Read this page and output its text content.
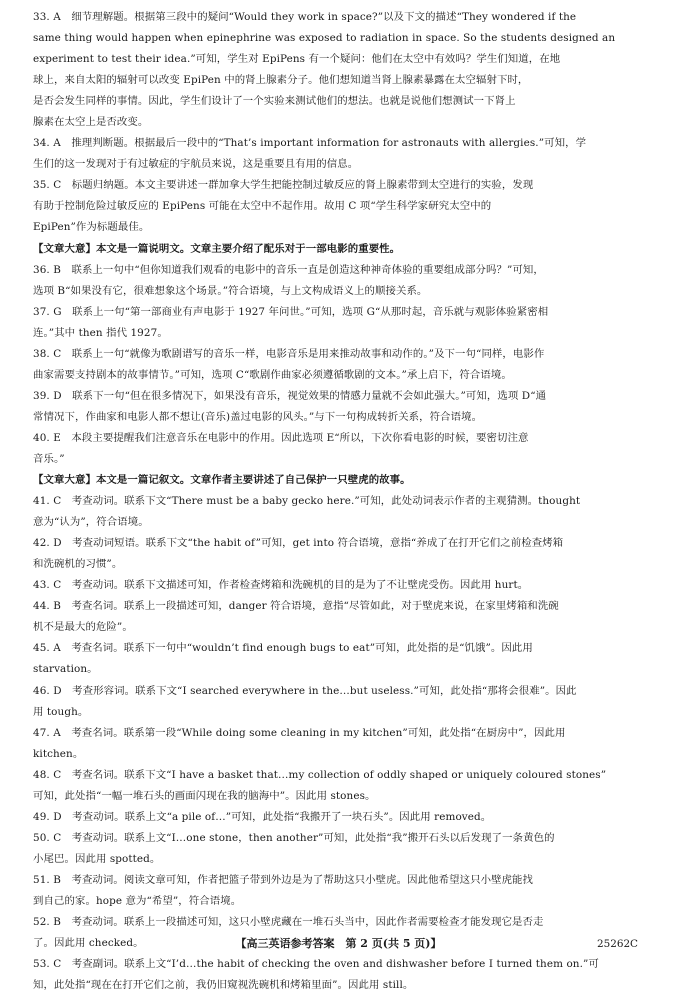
33. A　细节理解题。根据第三段中的疑问“Would they work in space?”以及下文的描述“They wondered if the
same thing would happen when epinephrine was exposed to radiation in space. So the students designed an
experiment to test their idea.”可知，学生对 EpiPens 有一个疑问：他们在太空中有效吗？学生们知道，在地
球上，来自太阳的辐射可以改变 EpiPen 中的肾上腺素分子。他们想知道当肾上腺素暴露在太空辐射下时，
是否会发生同样的事情。因此，学生们设计了一个实验来测试他们的想法。也就是说他们想测试一下肾上
腺素在太空上是否改变。
34. A　推理判断题。根据最后一段中的“That’s important information for astronauts with allergies.”可知，学
生们的这一发现对于有过敏症的宇航员来说，这是重要且有用的信息。
35. C　标题归纳题。本文主要讲述一群加拿大学生把能控制过敏反应的肾上腺素带到太空进行的实验，发现
有助于控制危险过敏反应的 EpiPens 可能在太空中不起作用。故用 C 项“学生科学家研究太空中的
EpiPen”作为标题最佳。
【文章大意】本文是一篇说明文。文章主要介绍了配乐对于一部电影的重要性。
36. B　联系上一句中“但你知道我们观看的电影中的音乐一直是创造这种神奇体验的重要组成部分吗？”可知，
选项 B“如果没有它，很难想象这个场景。”符合语境，与上文构成语义上的顺接关系。
37. G　联系上一句“第一部商业有声电影于 1927 年问世。”可知，选项 G“从那时起，音乐就与观影体验紧密相
连。”其中 then 指代 1927。
38. C　联系上一句“就像为歌剧谱写的音乐一样，电影音乐是用来推动故事和动作的。”及下一句“同样，电影作
曲家需要支持剧本的故事情节。”可知，选项 C“歌剧作曲家必须遵循歌剧的文本。”承上启下，符合语境。
39. D　联系下一句“但在很多情况下，如果没有音乐，视觉效果的情感力量就不会如此强大。”可知，选项 D“通
常情况下，作曲家和电影人都不想让(音乐)盖过电影的风头。”与下一句构成转折关系，符合语境。
40. E　本段主要提醒我们注意音乐在电影中的作用。因此选项 E“所以，下次你看电影的时候，要密切注意
音乐。”
【文章大意】本文是一篇记叙文。文章作者主要讲述了自己保护一只壁虎的故事。
41. C　考查动词。联系下文“There must be a baby gecko here.”可知，此处动词表示作者的主观猜测。thought
意为“认为”，符合语境。
42. D　考查动词短语。联系下文“the habit of”可知，get into 符合语境，意指“养成了在打开它们之前检查烤箱
和洗碗机的习惯”。
43. C　考查动词。联系下文描述可知，作者检查烤箱和洗碗机的目的是为了不让壁虎受伤。因此用 hurt。
44. B　考查名词。联系上一段描述可知，danger 符合语境，意指“尽管如此，对于壁虎来说，在家里烤箱和洗碗
机不是最大的危险”。
45. A　考查名词。联系下一句中“wouldn’t find enough bugs to eat”可知，此处指的是“饥饿”。因此用
starvation。
46. D　考查形容词。联系下文“I searched everywhere in the…but useless.”可知，此处指“那将会很难”。因此
用 tough。
47. A　考查名词。联系第一段“While doing some cleaning in my kitchen”可知，此处指“在厨房中”，因此用
kitchen。
48. C　考查名词。联系下文“I have a basket that…my collection of oddly shaped or uniquely coloured stones”
可知，此处指“一幅一堆石头的画面闪现在我的脑海中”。因此用 stones。
49. D　考查动词。联系上文“a pile of…”可知，此处指“我搬开了一块石头”。因此用 removed。
50. C　考查动词。联系上文“I…one stone，then another”可知，此处指“我”搬开石头以后发现了一条黄色的
小尾巴。因此用 spotted。
51. B　考查动词。阅读文章可知，作者把篮子带到外边是为了帮助这只小壁虎。因此他希望这只小壁虎能找
到自己的家。hope 意为“希望”，符合语境。
52. B　考查动词。联系上一段描述可知，这只小壁虎藏在一堆石头当中，因此作者需要检查才能发现它是否走
了。因此用 checked。
53. C　考查副词。联系上文“I’d…the habit of checking the oven and dishwasher before I turned them on.”可
知，此处指“现在在打开它们之前，我仍旧窥视洗碗机和烤箱里面”。因此用 still。
【高三英语参考答案　第 2 页(共 5 页)】	25262C
